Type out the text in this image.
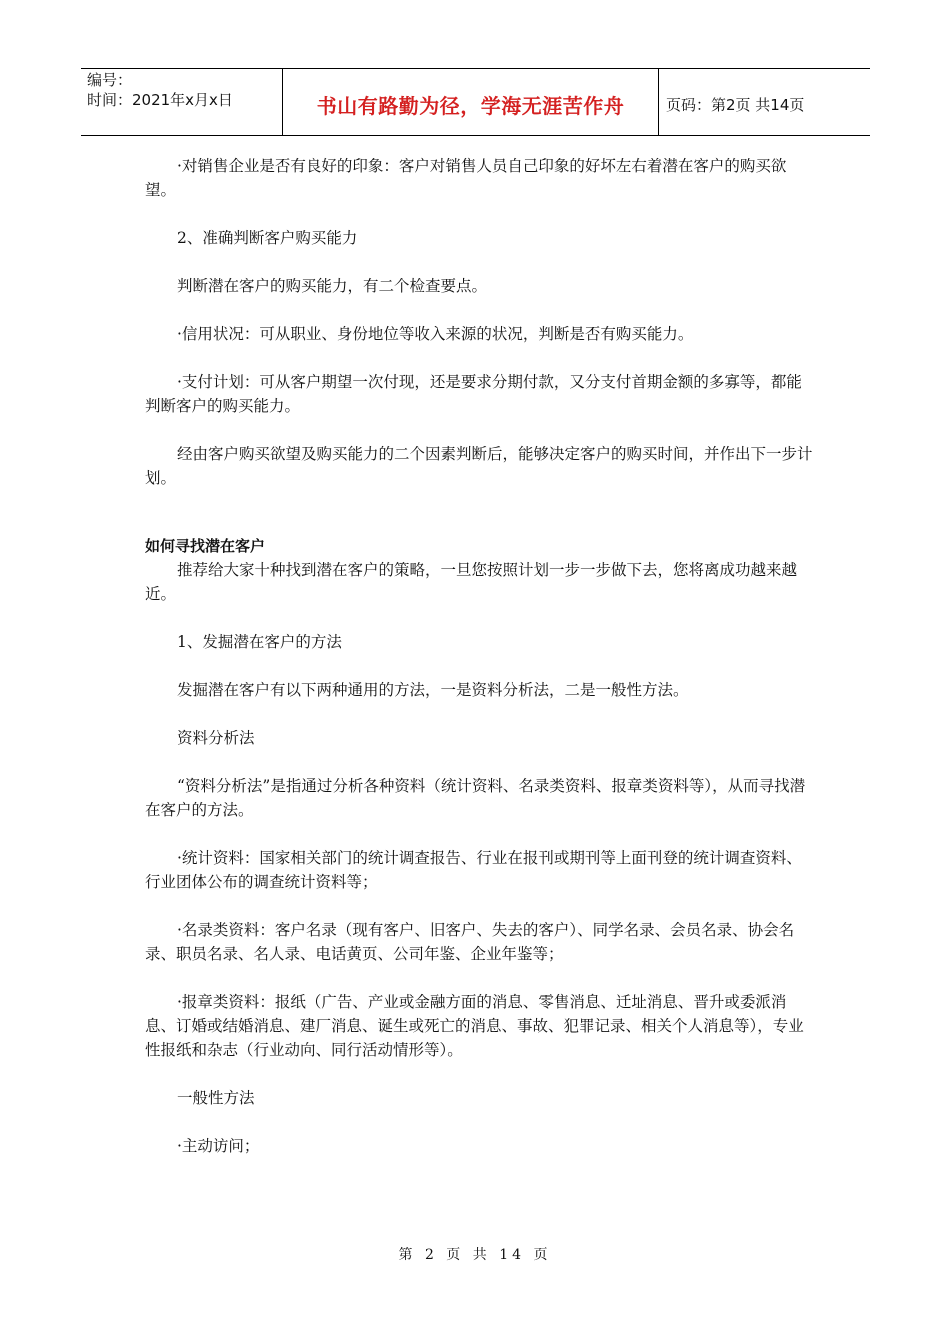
编号：
时间：2021年x月x日	书山有路勤为径，学海无涯苦作舟	页码：第2页 共14页

·对销售企业是否有良好的印象：客户对销售人员自己印象的好坏左右着潜在客户的购买欲望。

2、准确判断客户购买能力

判断潜在客户的购买能力，有二个检查要点。

·信用状况：可从职业、身份地位等收入来源的状况，判断是否有购买能力。

·支付计划：可从客户期望一次付现，还是要求分期付款，又分支付首期金额的多寡等，都能判断客户的购买能力。

经由客户购买欲望及购买能力的二个因素判断后，能够决定客户的购买时间，并作出下一步计划。

如何寻找潜在客户

推荐给大家十种找到潜在客户的策略，一旦您按照计划一步一步做下去，您将离成功越来越近。

1、发掘潜在客户的方法

发掘潜在客户有以下两种通用的方法，一是资料分析法，二是一般性方法。

资料分析法

“资料分析法”是指通过分析各种资料（统计资料、名录类资料、报章类资料等），从而寻找潜在客户的方法。

·统计资料：国家相关部门的统计调查报告、行业在报刊或期刊等上面刊登的统计调查资料、行业团体公布的调查统计资料等；

·名录类资料：客户名录（现有客户、旧客户、失去的客户）、同学名录、会员名录、协会名录、职员名录、名人录、电话黄页、公司年鉴、企业年鉴等；

·报章类资料：报纸（广告、产业或金融方面的消息、零售消息、迁址消息、晋升或委派消息、订婚或结婚消息、建厂消息、诞生或死亡的消息、事故、犯罪记录、相关个人消息等），专业性报纸和杂志（行业动向、同行活动情形等）。

一般性方法

·主动访问；

第 2 页 共 14 页
